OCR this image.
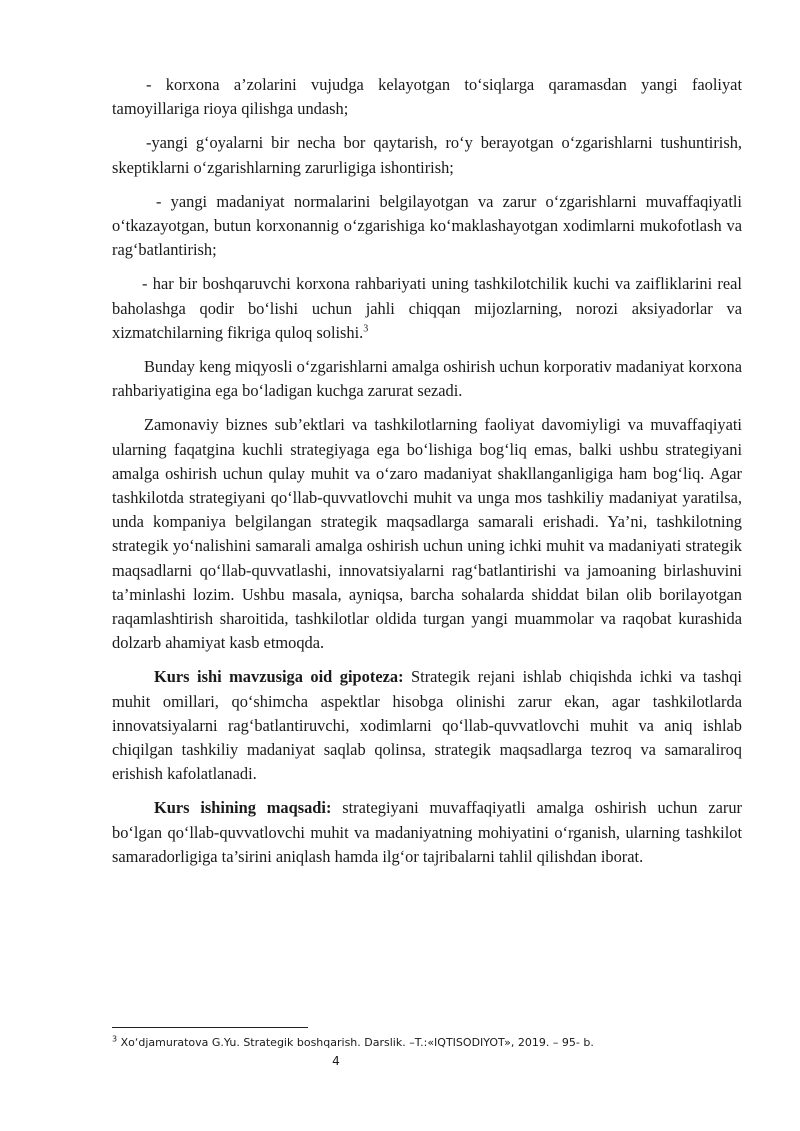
- korxona a’zolarini vujudga kelayotgan to‘siqlarga qaramasdan yangi faoliyat tamoyillariga rioya qilishga undash;

-yangi g‘oyalarni bir necha bor qaytarish, ro‘y berayotgan o‘zgarishlarni tushuntirish, skeptiklarni o‘zgarishlarning zarurligiga ishontirish;

- yangi madaniyat normalarini belgilayotgan va zarur o‘zgarishlarni muvaffaqiyatli o‘tkazayotgan, butun korxonannig o‘zgarishiga ko‘maklashayotgan xodimlarni mukofotlash va rag‘batlantirish;

- har bir boshqaruvchi korxona rahbariyati uning tashkilotchilik kuchi va zaifliklarini real baholashga qodir bo‘lishi uchun jahli chiqqan mijozlarning, norozi aksiyadorlar va xizmatchilarning fikriga quloq solishi.$^3$

Bunday keng miqyosli o‘zgarishlarni amalga oshirish uchun korporativ madaniyat korxona rahbariyatigina ega bo‘ladigan kuchga zarurat sezadi.

Zamonaviy biznes sub’ektlari va tashkilotlarning faoliyat davomiyligi va muvaffaqiyati ularning faqatgina kuchli strategiyaga ega bo‘lishiga bog‘liq emas, balki ushbu strategiyani amalga oshirish uchun qulay muhit va o‘zaro madaniyat shakllanganligiga ham bog‘liq. Agar tashkilotda strategiyani qo‘llab-quvvatlovchi muhit va unga mos tashkiliy madaniyat yaratilsa, unda kompaniya belgilangan strategik maqsadlarga samarali erishadi. Ya’ni, tashkilotning strategik yo‘nalishini samarali amalga oshirish uchun uning ichki muhit va madaniyati strategik maqsadlarni qo‘llab-quvvatlashi, innovatsiyalarni rag‘batlantirishi va jamoaning birlashuvini ta’minlashi lozim. Ushbu masala, ayniqsa, barcha sohalarda shiddat bilan olib borilayotgan raqamlashtirish sharoitida, tashkilotlar oldida turgan yangi muammolar va raqobat kurashida dolzarb ahamiyat kasb etmoqda.

Kurs ishi mavzusiga oid gipoteza: Strategik rejani ishlab chiqishda ichki va tashqi muhit omillari, qo‘shimcha aspektlar hisobga olinishi zarur ekan, agar tashkilotlarda innovatsiyalarni rag‘batlantiruvchi, xodimlarni qo‘llab-quvvatlovchi muhit va aniq ishlab chiqilgan tashkiliy madaniyat saqlab qolinsa, strategik maqsadlarga tezroq va samaraliroq erishish kafolatlanadi.

Kurs ishining maqsadi: strategiyani muvaffaqiyatli amalga oshirish uchun zarur bo‘lgan qo‘llab-quvvatlovchi muhit va madaniyatning mohiyatini o‘rganish, ularning tashkilot samaradorligiga ta’sirini aniqlash hamda ilg‘or tajribalarni tahlil qilishdan iborat.

$^3$ Xo‘djamuratova G.Yu. Strategik boshqarish. Darslik. –T.:«IQTISODIYOT», 2019. – 95- b.
4
